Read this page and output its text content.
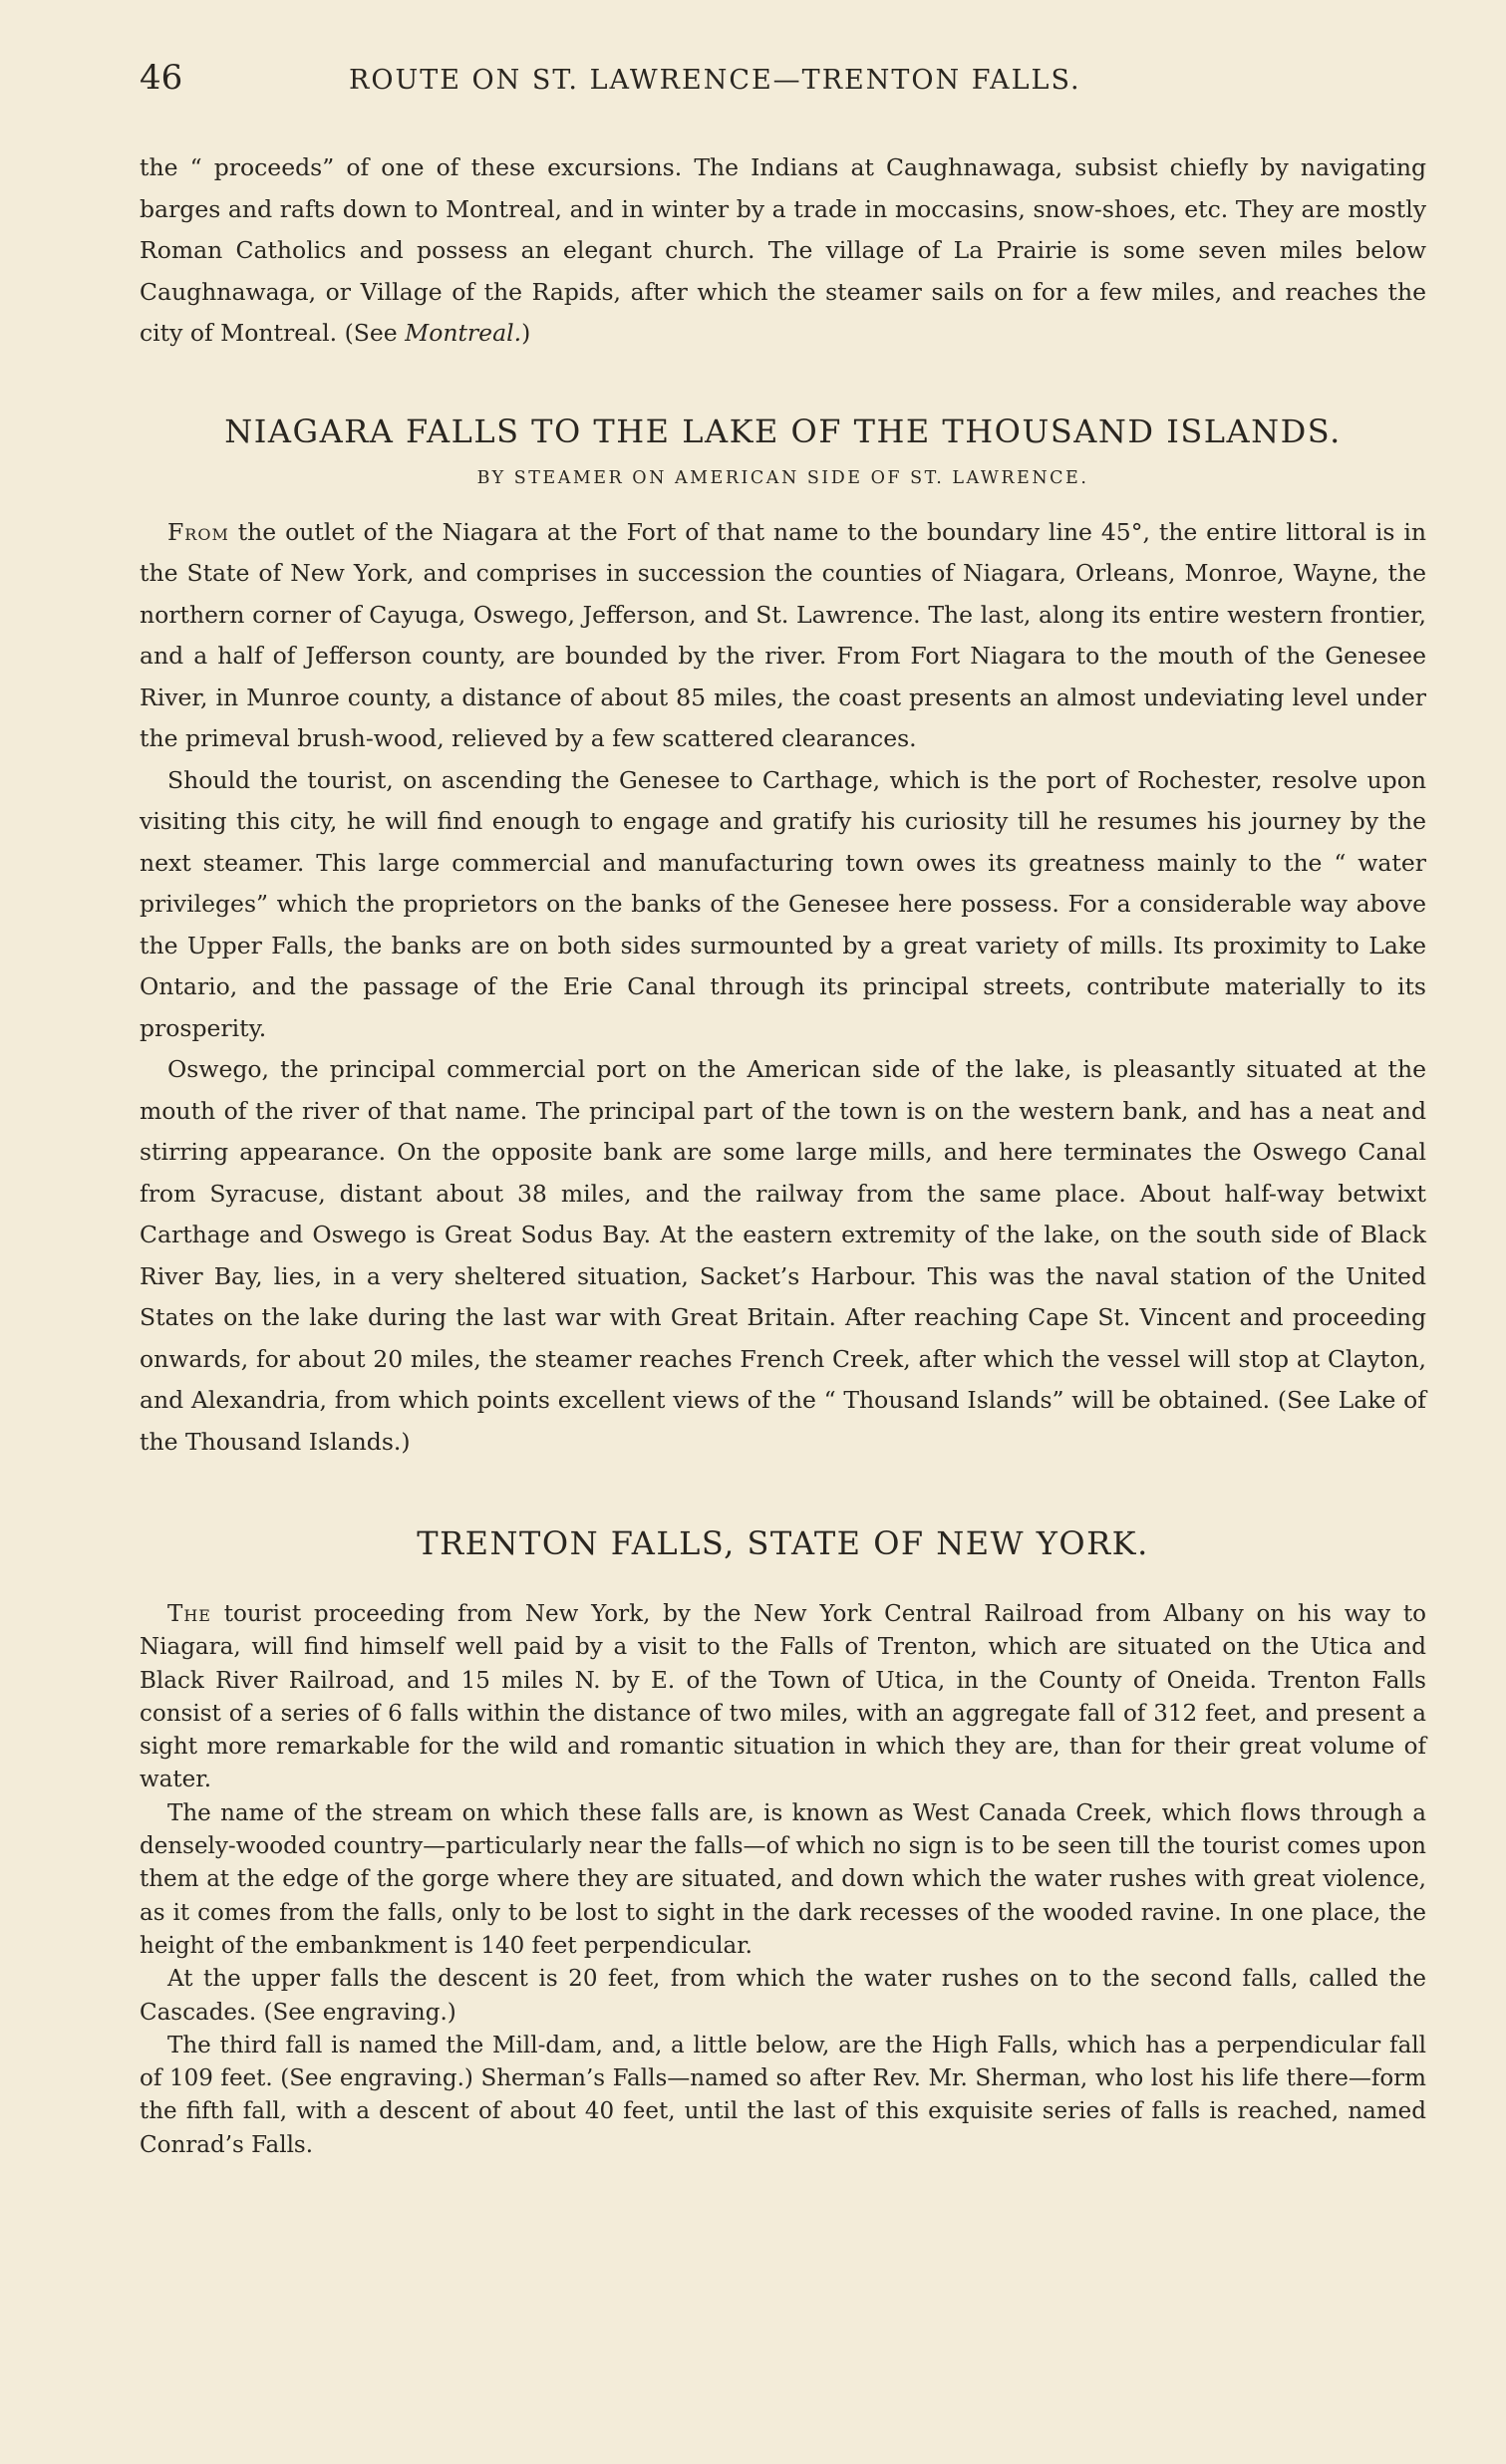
46	ROUTE ON ST. LAWRENCE—TRENTON FALLS.

the “ proceeds” of one of these excursions. The Indians at Caughnawaga, subsist chiefly by navigating barges and rafts down to Montreal, and in winter by a trade in moccasins, snow-shoes, etc. They are mostly Roman Catholics and possess an elegant church. The village of La Prairie is some seven miles below Caughnawaga, or Village of the Rapids, after which the steamer sails on for a few miles, and reaches the city of Montreal. (See Montreal.)

NIAGARA FALLS TO THE LAKE OF THE THOUSAND ISLANDS.
BY STEAMER ON AMERICAN SIDE OF ST. LAWRENCE.

From the outlet of the Niagara at the Fort of that name to the boundary line 45°, the entire littoral is in the State of New York, and comprises in succession the counties of Niagara, Orleans, Monroe, Wayne, the northern corner of Cayuga, Oswego, Jefferson, and St. Lawrence. The last, along its entire western frontier, and a half of Jefferson county, are bounded by the river. From Fort Niagara to the mouth of the Genesee River, in Munroe county, a distance of about 85 miles, the coast presents an almost undeviating level under the primeval brush-wood, relieved by a few scattered clearances.

Should the tourist, on ascending the Genesee to Carthage, which is the port of Rochester, resolve upon visiting this city, he will find enough to engage and gratify his curiosity till he resumes his journey by the next steamer. This large commercial and manufacturing town owes its greatness mainly to the “ water privileges” which the proprietors on the banks of the Genesee here possess. For a considerable way above the Upper Falls, the banks are on both sides surmounted by a great variety of mills. Its proximity to Lake Ontario, and the passage of the Erie Canal through its principal streets, contribute materially to its prosperity.

Oswego, the principal commercial port on the American side of the lake, is pleasantly situated at the mouth of the river of that name. The principal part of the town is on the western bank, and has a neat and stirring appearance. On the opposite bank are some large mills, and here terminates the Oswego Canal from Syracuse, distant about 38 miles, and the railway from the same place. About half-way betwixt Carthage and Oswego is Great Sodus Bay. At the eastern extremity of the lake, on the south side of Black River Bay, lies, in a very sheltered situation, Sacket’s Harbour. This was the naval station of the United States on the lake during the last war with Great Britain. After reaching Cape St. Vincent and proceeding onwards, for about 20 miles, the steamer reaches French Creek, after which the vessel will stop at Clayton, and Alexandria, from which points excellent views of the “ Thousand Islands” will be obtained. (See Lake of the Thousand Islands.)

TRENTON FALLS, STATE OF NEW YORK.

The tourist proceeding from New York, by the New York Central Railroad from Albany on his way to Niagara, will find himself well paid by a visit to the Falls of Trenton, which are situated on the Utica and Black River Railroad, and 15 miles N. by E. of the Town of Utica, in the County of Oneida. Trenton Falls consist of a series of 6 falls within the distance of two miles, with an aggregate fall of 312 feet, and present a sight more remarkable for the wild and romantic situation in which they are, than for their great volume of water.

The name of the stream on which these falls are, is known as West Canada Creek, which flows through a densely-wooded country—particularly near the falls—of which no sign is to be seen till the tourist comes upon them at the edge of the gorge where they are situated, and down which the water rushes with great violence, as it comes from the falls, only to be lost to sight in the dark recesses of the wooded ravine. In one place, the height of the embankment is 140 feet perpendicular.

At the upper falls the descent is 20 feet, from which the water rushes on to the second falls, called the Cascades. (See engraving.)

The third fall is named the Mill-dam, and, a little below, are the High Falls, which has a perpendicular fall of 109 feet. (See engraving.) Sherman’s Falls—named so after Rev. Mr. Sherman, who lost his life there—form the fifth fall, with a descent of about 40 feet, until the last of this exquisite series of falls is reached, named Conrad’s Falls.
